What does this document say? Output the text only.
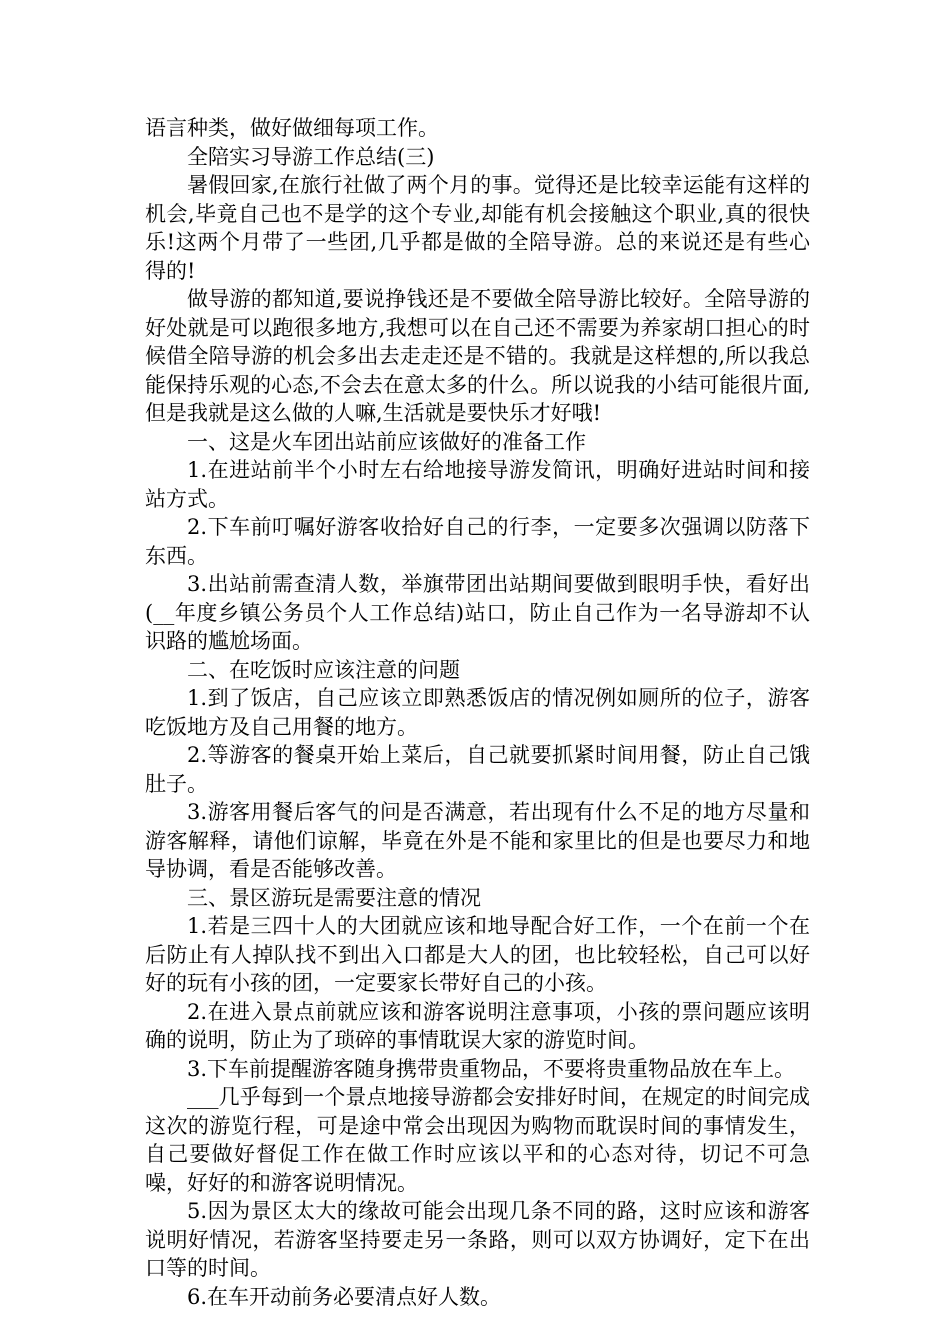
语言种类，做好做细每项工作。

全陪实习导游工作总结(三)

暑假回家,在旅行社做了两个月的事。觉得还是比较幸运能有这样的机会,毕竟自己也不是学的这个专业,却能有机会接触这个职业,真的很快乐!这两个月带了一些团,几乎都是做的全陪导游。总的来说还是有些心得的!

做导游的都知道,要说挣钱还是不要做全陪导游比较好。全陪导游的好处就是可以跑很多地方,我想可以在自己还不需要为养家胡口担心的时候借全陪导游的机会多出去走走还是不错的。我就是这样想的,所以我总能保持乐观的心态,不会去在意太多的什么。所以说我的小结可能很片面,但是我就是这么做的人嘛,生活就是要快乐才好哦!

一、这是火车团出站前应该做好的准备工作

1.在进站前半个小时左右给地接导游发简讯，明确好进站时间和接站方式。

2.下车前叮嘱好游客收拾好自己的行李，一定要多次强调以防落下东西。

3.出站前需查清人数，举旗带团出站期间要做到眼明手快，看好出(__年度乡镇公务员个人工作总结)站口，防止自己作为一名导游却不认识路的尴尬场面。

二、在吃饭时应该注意的问题

1.到了饭店，自己应该立即熟悉饭店的情况例如厕所的位子，游客吃饭地方及自己用餐的地方。

2.等游客的餐桌开始上菜后，自己就要抓紧时间用餐，防止自己饿肚子。

3.游客用餐后客气的问是否满意，若出现有什么不足的地方尽量和游客解释，请他们谅解，毕竟在外是不能和家里比的但是也要尽力和地导协调，看是否能够改善。

三、景区游玩是需要注意的情况

1.若是三四十人的大团就应该和地导配合好工作，一个在前一个在后防止有人掉队找不到出入口都是大人的团，也比较轻松，自己可以好好的玩有小孩的团，一定要家长带好自己的小孩。

2.在进入景点前就应该和游客说明注意事项，小孩的票问题应该明确的说明，防止为了琐碎的事情耽误大家的游览时间。

3.下车前提醒游客随身携带贵重物品，不要将贵重物品放在车上。

___几乎每到一个景点地接导游都会安排好时间，在规定的时间完成这次的游览行程，可是途中常会出现因为购物而耽误时间的事情发生，自己要做好督促工作在做工作时应该以平和的心态对待，切记不可急噪，好好的和游客说明情况。

5.因为景区太大的缘故可能会出现几条不同的路，这时应该和游客说明好情况，若游客坚持要走另一条路，则可以双方协调好，定下在出口等的时间。

6.在车开动前务必要清点好人数。
